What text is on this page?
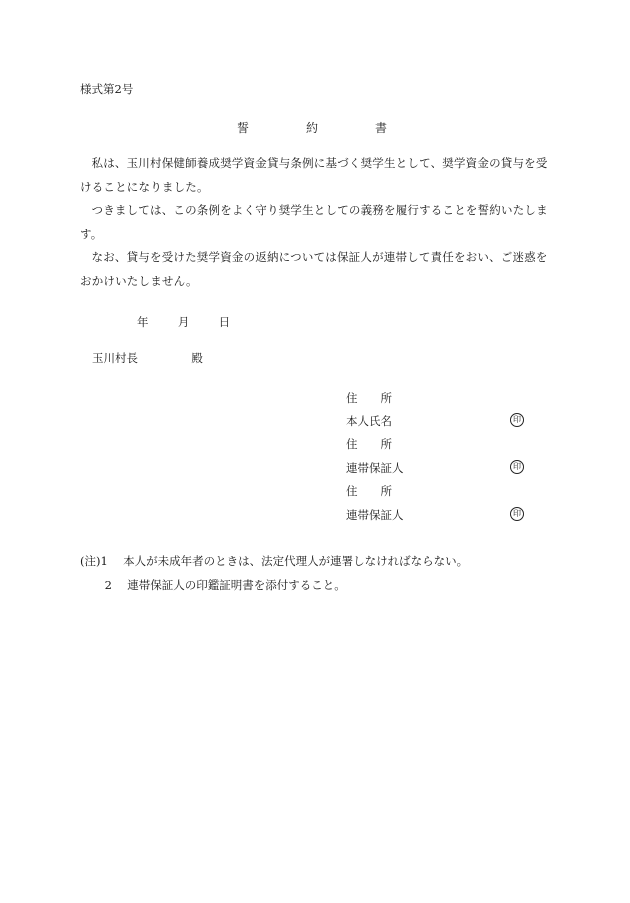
様式第2号
誓	約	書

私は、玉川村保健師養成奨学資金貸与条例に基づく奨学生として、奨学資金の貸与を受けることになりました。

つきましては、この条例をよく守り奨学生としての義務を履行することを誓約いたします。

なお、貸与を受けた奨学資金の返納については保証人が連帯して責任をおい、ご迷惑をおかけいたしません。

年	月	日
玉川村長	殿
住　　所
本人氏名	印
住　　所
連帯保証人	印
住　　所
連帯保証人	印
(注)1 本人が未成年者のときは、法定代理人が連署しなければならない。
2 連帯保証人の印鑑証明書を添付すること。
